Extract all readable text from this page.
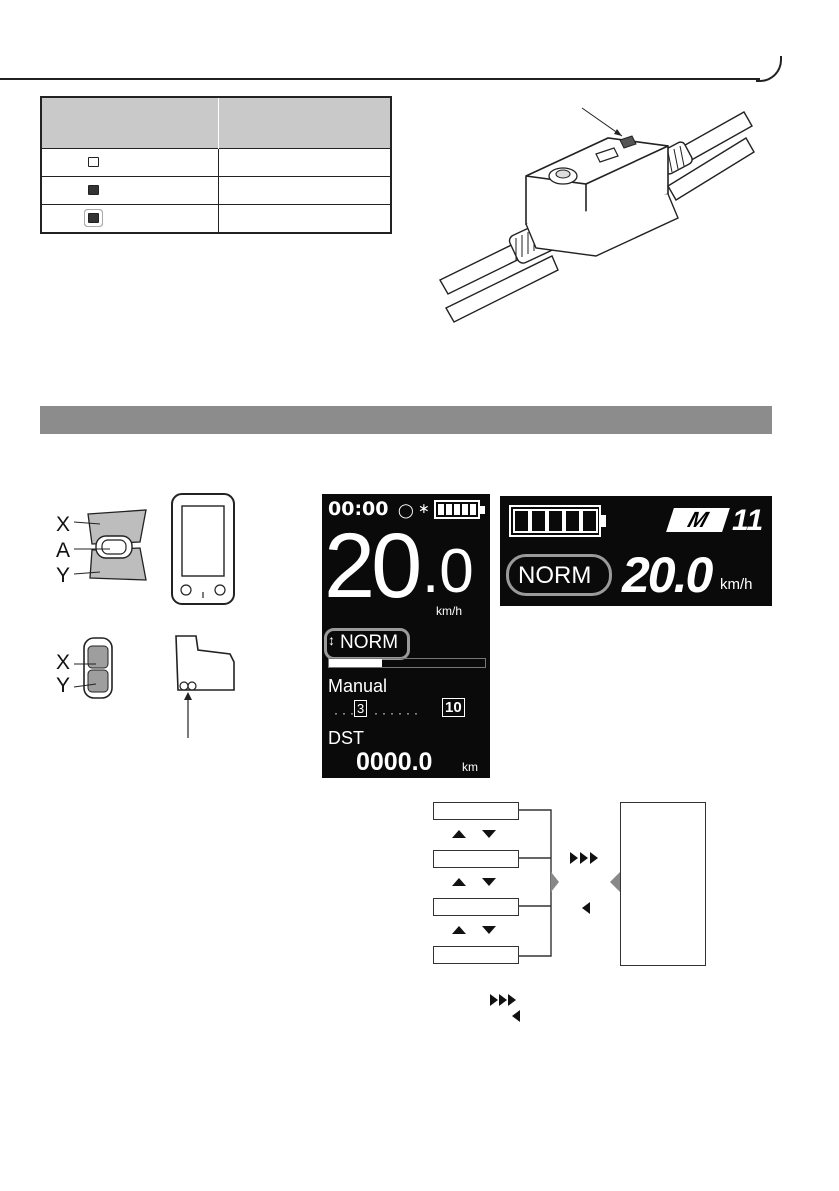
X
A
Y
X
Y
00:00 ◯ ∗
20 .0
km/h
↕ NORM
Manual
··· 3 ······ 10
DST
0000.0 km
M 11
NORM 20.0 km/h
